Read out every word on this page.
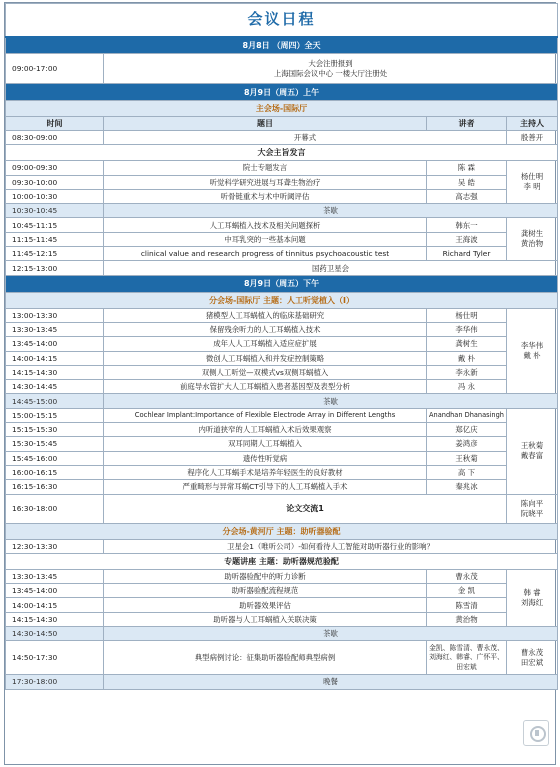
会议日程			
8月8日 （周四）全天			
09:00-17:00	大会注册报到
上海国际会议中心 一楼大厅注册处		

8月9日（周五）上午			
主会场-国际厅			
时间	题目	讲者	主持人
08:30-09:00	开幕式		殷善开
大会主旨发言			
09:00-09:30	院士专题发言	陈 霖	杨仕明
李 明
09:30-10:00	听觉科学研究进展与耳聋生物治疗	吴 皓	
10:00-10:30	听骨链重术与术中听阈评估	高志强	
10:30-10:45	茶歇		
10:45-11:15	人工耳蜗植入技术及相关问题探析	韩东一	龚树生
黄治物
11:15-11:45	中耳乳突的一些基本问题	王海波	
11:45-12:15	clinical value and research progress of tinnitus psychoacoustic test	Richard Tyler	
12:15-13:00	国药卫星会		
8月9日（周五）下午			
分会场-国际厅 主题：人工听觉植入（Ⅰ）			
13:00-13:30	猪模型人工耳蜗植入的临床基础研究	杨仕明	李华伟
戴 朴
13:30-13:45	保留残余听力的人工耳蜗植入技术	李华伟	
13:45-14:00	成年人人工耳蜗植入适应症扩展	龚树生	
14:00-14:15	微创人工耳蜗植入和并发症控制策略	戴 朴	
14:15-14:30	双侧人工听觉—双模式vs双侧耳蜗植入	李永新	
14:30-14:45	前庭导水管扩大人工耳蜗植入患者基因型及表型分析	冯 永	
14:45-15:00	茶歇		
15:00-15:15	Cochlear Implant:Importance of Flexible Electrode Array in Different Lengths	Anandhan Dhanasingh	王秋菊
戴春富
15:15-15:30	内听道狭窄的人工耳蜗植入术后效果观察	郑亿庆	
15:30-15:45	双耳同期人工耳蜗植入	姜鸿彦	
15:45-16:00	遗传性听觉病	王秋菊	
16:00-16:15	程序化人工耳蜗手术是培养年轻医生的良好教材	高 下	
16:15-16:30	严重畸形与异常耳蜗CT引导下的人工耳蜗植入手术	秦兆冰	
16:30-18:00	论文交流1		陈向平
阮晓平
分会场-黄河厅 主题：助听器验配			
12:30-13:30	卫星会1（唯听公司）-如何看待人工智能对助听器行业的影响？		
专题讲座 主题：助听器规范验配			
13:30-13:45	助听器验配中的听力诊断	曹永茂	韩 睿
刘海红
13:45-14:00	助听器验配流程规范	金 凯	
14:00-14:15	助听器效果评估	陈雪清	
14:15-14:30	助听器与人工耳蜗植入关联决策	黄治物	
14:30-14:50	茶歇		
14:50-17:30	典型病例讨论：征集助听器验配师典型病例	金凯、陈雪清、曹永茂、刘海红、韩睿、广怀平、田宏斌	曹永茂
田宏斌
17:30-18:00	晚餐		
